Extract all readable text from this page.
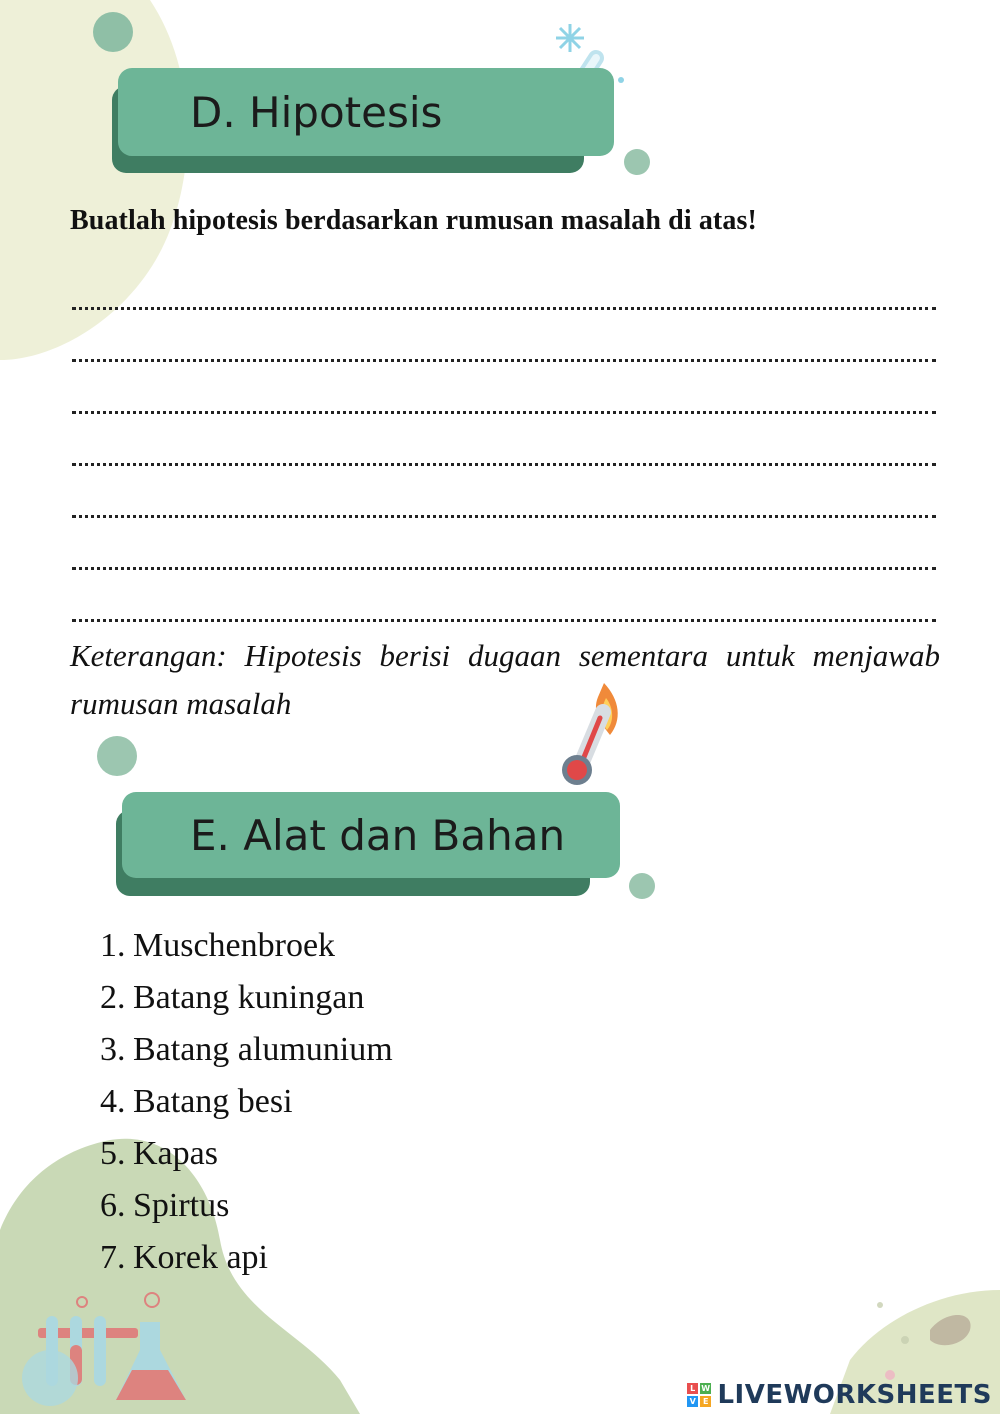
D. Hipotesis
Buatlah hipotesis berdasarkan rumusan masalah di atas!
Keterangan: Hipotesis berisi dugaan sementara untuk menjawab rumusan masalah
E. Alat dan Bahan
1. Muschenbroek
2. Batang kuningan
3. Batang alumunium
4. Batang besi
5. Kapas
6. Spirtus
7. Korek api
L W
V E LIVEWORKSHEETS
